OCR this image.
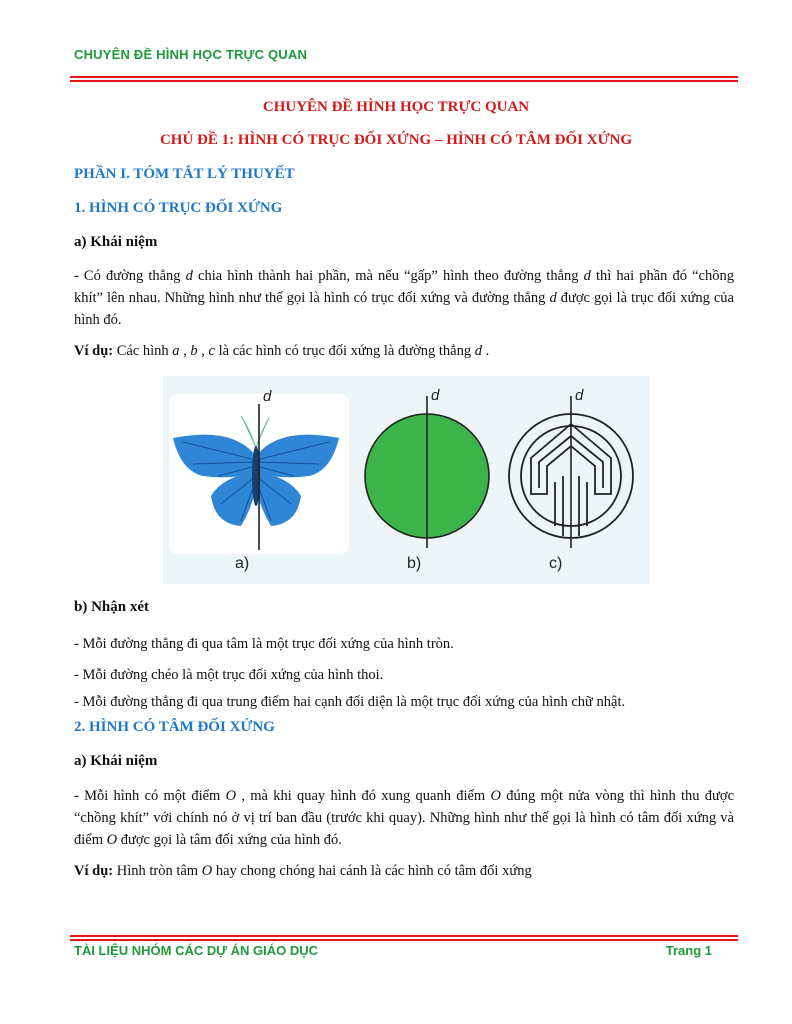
CHUYÊN ĐỀ HÌNH HỌC TRỰC QUAN
CHUYÊN ĐỀ HÌNH HỌC TRỰC QUAN
CHỦ ĐỀ 1: HÌNH CÓ TRỤC ĐỐI XỨNG – HÌNH CÓ TÂM ĐỐI XỨNG
PHẦN I. TÓM TẮT LÝ THUYẾT
1. HÌNH CÓ TRỤC ĐỐI XỨNG
a) Khái niệm
- Có đường thẳng d chia hình thành hai phần, mà nếu “gấp” hình theo đường thẳng d thì hai phần đó “chồng khít” lên nhau. Những hình như thế gọi là hình có trục đối xứng và đường thẳng d được gọi là trục đối xứng của hình đó.
Ví dụ: Các hình a , b , c là các hình có trục đối xứng là đường thẳng d .
d
a)
d
b)
d
c)
b) Nhận xét
- Mỗi đường thẳng đi qua tâm là một trục đối xứng của hình tròn.
- Mỗi đường chéo là một trục đối xứng của hình thoi.
- Mỗi đường thẳng đi qua trung điểm hai cạnh đối diện là một trục đối xứng của hình chữ nhật.
2. HÌNH CÓ TÂM ĐỐI XỨNG
a) Khái niệm
- Mỗi hình có một điểm O , mà khi quay hình đó xung quanh điểm O đúng một nửa vòng thì hình thu được “chồng khít” với chính nó ở vị trí ban đầu (trước khi quay). Những hình như thế gọi là hình có tâm đối xứng và điểm O được gọi là tâm đối xứng của hình đó.
Ví dụ: Hình tròn tâm O hay chong chóng hai cánh là các hình có tâm đối xứng
TÀI LIỆU NHÓM CÁC DỰ ÁN GIÁO DỤC	Trang 1
